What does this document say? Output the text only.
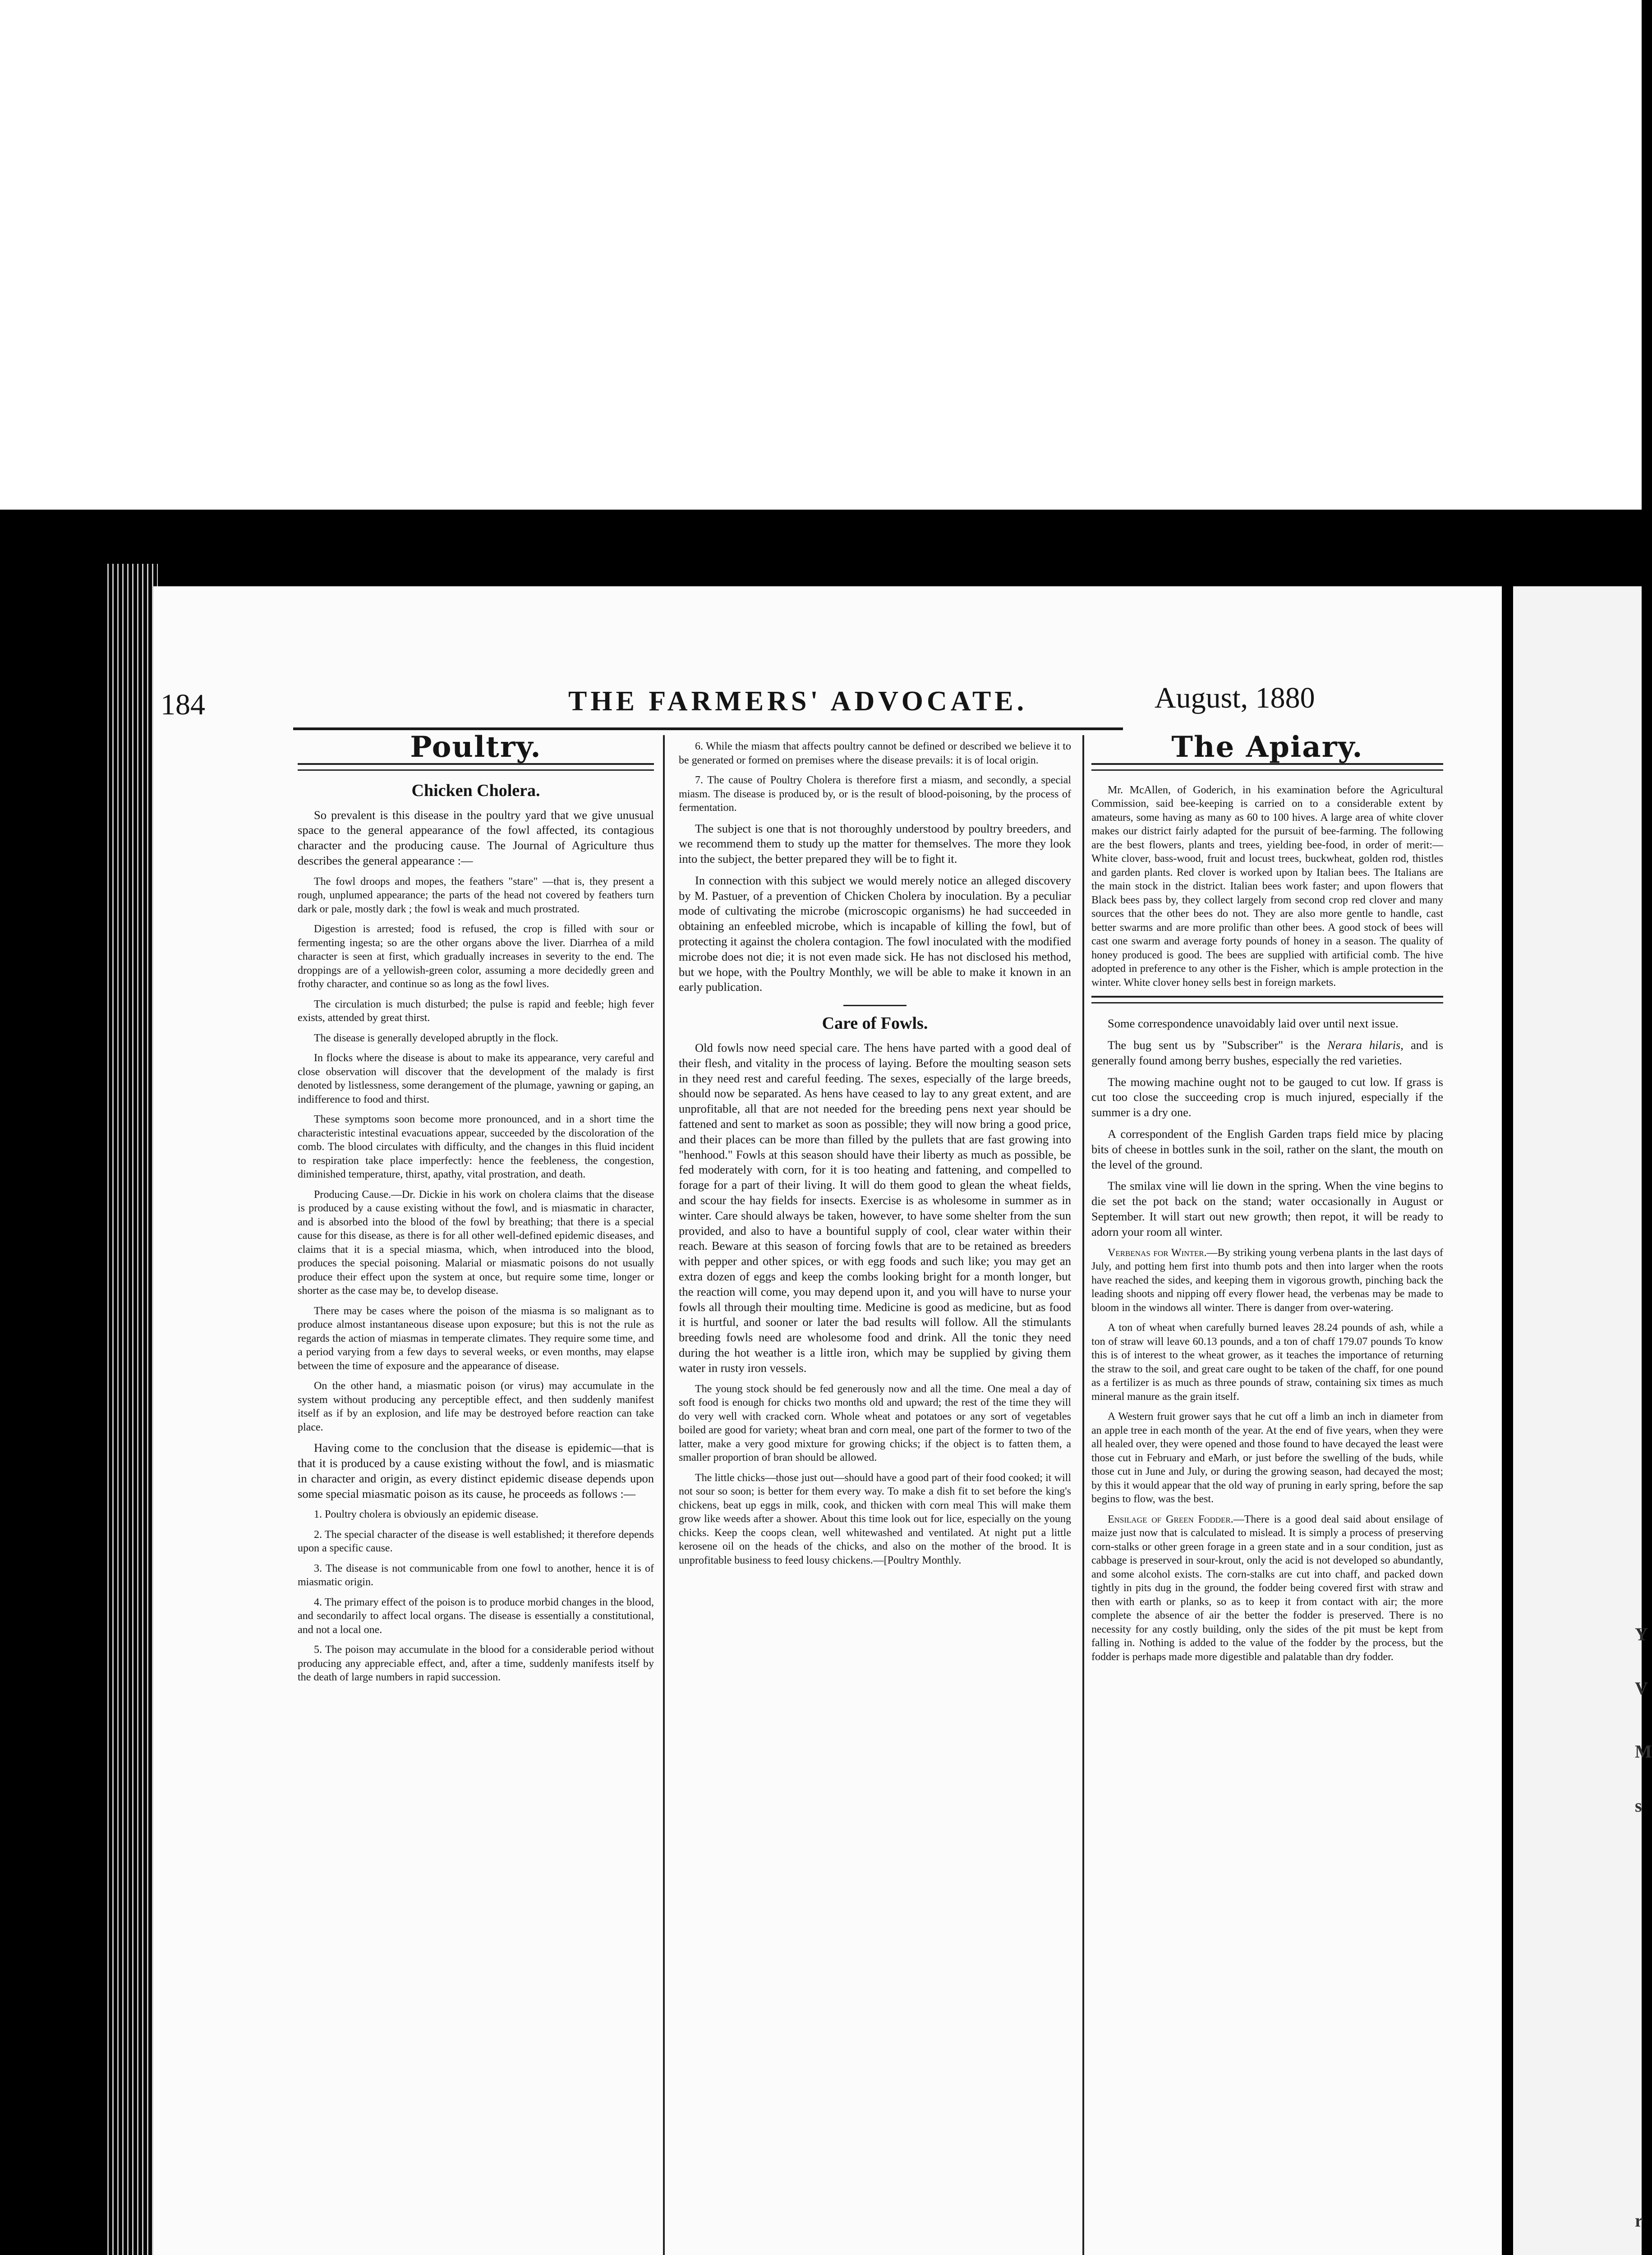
Y
V
M
s
r
184	THE FARMERS' ADVOCATE.	August, 1880
Poultry.
Chicken Cholera.

So prevalent is this disease in the poultry yard that we give unusual space to the general appearance of the fowl affected, its contagious character and the producing cause. The Journal of Agriculture thus describes the general appearance :—

The fowl droops and mopes, the feathers "stare" —that is, they present a rough, unplumed appearance; the parts of the head not covered by feathers turn dark or pale, mostly dark ; the fowl is weak and much prostrated.

Digestion is arrested; food is refused, the crop is filled with sour or fermenting ingesta; so are the other organs above the liver. Diarrhea of a mild character is seen at first, which gradually increases in severity to the end. The droppings are of a yellowish-green color, assuming a more decidedly green and frothy character, and continue so as long as the fowl lives.

The circulation is much disturbed; the pulse is rapid and feeble; high fever exists, attended by great thirst.

The disease is generally developed abruptly in the flock.

In flocks where the disease is about to make its appearance, very careful and close observation will discover that the development of the malady is first denoted by listlessness, some derangement of the plumage, yawning or gaping, an indifference to food and thirst.

These symptoms soon become more pronounced, and in a short time the characteristic intestinal evacuations appear, succeeded by the discoloration of the comb. The blood circulates with difficulty, and the changes in this fluid incident to respiration take place imperfectly: hence the feebleness, the congestion, diminished temperature, thirst, apathy, vital prostration, and death.

Producing Cause.—Dr. Dickie in his work on cholera claims that the disease is produced by a cause existing without the fowl, and is miasmatic in character, and is absorbed into the blood of the fowl by breathing; that there is a special cause for this disease, as there is for all other well-defined epidemic diseases, and claims that it is a special miasma, which, when introduced into the blood, produces the special poisoning. Malarial or miasmatic poisons do not usually produce their effect upon the system at once, but require some time, longer or shorter as the case may be, to develop disease.

There may be cases where the poison of the miasma is so malignant as to produce almost instantaneous disease upon exposure; but this is not the rule as regards the action of miasmas in temperate climates. They require some time, and a period varying from a few days to several weeks, or even months, may elapse between the time of exposure and the appearance of disease.

On the other hand, a miasmatic poison (or virus) may accumulate in the system without producing any perceptible effect, and then suddenly manifest itself as if by an explosion, and life may be destroyed before reaction can take place.

Having come to the conclusion that the disease is epidemic—that is that it is produced by a cause existing without the fowl, and is miasmatic in character and origin, as every distinct epidemic disease depends upon some special miasmatic poison as its cause, he proceeds as follows :—

1. Poultry cholera is obviously an epidemic disease.

2. The special character of the disease is well established; it therefore depends upon a specific cause.

3. The disease is not communicable from one fowl to another, hence it is of miasmatic origin.

4. The primary effect of the poison is to produce morbid changes in the blood, and secondarily to affect local organs. The disease is essentially a constitutional, and not a local one.

5. The poison may accumulate in the blood for a considerable period without producing any appreciable effect, and, after a time, suddenly manifests itself by the death of large numbers in rapid succession.

6. While the miasm that affects poultry cannot be defined or described we believe it to be generated or formed on premises where the disease prevails: it is of local origin.

7. The cause of Poultry Cholera is therefore first a miasm, and secondly, a special miasm. The disease is produced by, or is the result of blood-poisoning, by the process of fermentation.

The subject is one that is not thoroughly understood by poultry breeders, and we recommend them to study up the matter for themselves. The more they look into the subject, the better prepared they will be to fight it.

In connection with this subject we would merely notice an alleged discovery by M. Pastuer, of a prevention of Chicken Cholera by inoculation. By a peculiar mode of cultivating the microbe (microscopic organisms) he had succeeded in obtaining an enfeebled microbe, which is incapable of killing the fowl, but of protecting it against the cholera contagion. The fowl inoculated with the modified microbe does not die; it is not even made sick. He has not disclosed his method, but we hope, with the Poultry Monthly, we will be able to make it known in an early publication.

Care of Fowls.

Old fowls now need special care. The hens have parted with a good deal of their flesh, and vitality in the process of laying. Before the moulting season sets in they need rest and careful feeding. The sexes, especially of the large breeds, should now be separated. As hens have ceased to lay to any great extent, and are unprofitable, all that are not needed for the breeding pens next year should be fattened and sent to market as soon as possible; they will now bring a good price, and their places can be more than filled by the pullets that are fast growing into "henhood." Fowls at this season should have their liberty as much as possible, be fed moderately with corn, for it is too heating and fattening, and compelled to forage for a part of their living. It will do them good to glean the wheat fields, and scour the hay fields for insects. Exercise is as wholesome in summer as in winter. Care should always be taken, however, to have some shelter from the sun provided, and also to have a bountiful supply of cool, clear water within their reach. Beware at this season of forcing fowls that are to be retained as breeders with pepper and other spices, or with egg foods and such like; you may get an extra dozen of eggs and keep the combs looking bright for a month longer, but the reaction will come, you may depend upon it, and you will have to nurse your fowls all through their moulting time. Medicine is good as medicine, but as food it is hurtful, and sooner or later the bad results will follow. All the stimulants breeding fowls need are wholesome food and drink. All the tonic they need during the hot weather is a little iron, which may be supplied by giving them water in rusty iron vessels.

The young stock should be fed generously now and all the time. One meal a day of soft food is enough for chicks two months old and upward; the rest of the time they will do very well with cracked corn. Whole wheat and potatoes or any sort of vegetables boiled are good for variety; wheat bran and corn meal, one part of the former to two of the latter, make a very good mixture for growing chicks; if the object is to fatten them, a smaller proportion of bran should be allowed.

The little chicks—those just out—should have a good part of their food cooked; it will not sour so soon; is better for them every way. To make a dish fit to set before the king's chickens, beat up eggs in milk, cook, and thicken with corn meal This will make them grow like weeds after a shower. About this time look out for lice, especially on the young chicks. Keep the coops clean, well whitewashed and ventilated. At night put a little kerosene oil on the heads of the chicks, and also on the mother of the brood. It is unprofitable business to feed lousy chickens.—[Poultry Monthly.

The Apiary.

Mr. McAllen, of Goderich, in his examination before the Agricultural Commission, said bee-keeping is carried on to a considerable extent by amateurs, some having as many as 60 to 100 hives. A large area of white clover makes our district fairly adapted for the pursuit of bee-farming. The following are the best flowers, plants and trees, yielding bee-food, in order of merit:—White clover, bass-wood, fruit and locust trees, buckwheat, golden rod, thistles and garden plants. Red clover is worked upon by Italian bees. The Italians are the main stock in the district. Italian bees work faster; and upon flowers that Black bees pass by, they collect largely from second crop red clover and many sources that the other bees do not. They are also more gentle to handle, cast better swarms and are more prolific than other bees. A good stock of bees will cast one swarm and average forty pounds of honey in a season. The quality of honey produced is good. The bees are supplied with artificial comb. The hive adopted in preference to any other is the Fisher, which is ample protection in the winter. White clover honey sells best in foreign markets.

Some correspondence unavoidably laid over until next issue.

The bug sent us by "Subscriber" is the Nerara hilaris, and is generally found among berry bushes, especially the red varieties.

The mowing machine ought not to be gauged to cut low. If grass is cut too close the succeeding crop is much injured, especially if the summer is a dry one.

A correspondent of the English Garden traps field mice by placing bits of cheese in bottles sunk in the soil, rather on the slant, the mouth on the level of the ground.

The smilax vine will lie down in the spring. When the vine begins to die set the pot back on the stand; water occasionally in August or September. It will start out new growth; then repot, it will be ready to adorn your room all winter.

Verbenas for Winter.—By striking young verbena plants in the last days of July, and potting hem first into thumb pots and then into larger when the roots have reached the sides, and keeping them in vigorous growth, pinching back the leading shoots and nipping off every flower head, the verbenas may be made to bloom in the windows all winter. There is danger from over-watering.

A ton of wheat when carefully burned leaves 28.24 pounds of ash, while a ton of straw will leave 60.13 pounds, and a ton of chaff 179.07 pounds To know this is of interest to the wheat grower, as it teaches the importance of returning the straw to the soil, and great care ought to be taken of the chaff, for one pound as a fertilizer is as much as three pounds of straw, containing six times as much mineral manure as the grain itself.

A Western fruit grower says that he cut off a limb an inch in diameter from an apple tree in each month of the year. At the end of five years, when they were all healed over, they were opened and those found to have decayed the least were those cut in February and eMarh, or just before the swelling of the buds, while those cut in June and July, or during the growing season, had decayed the most; by this it would appear that the old way of pruning in early spring, before the sap begins to flow, was the best.

Ensilage of Green Fodder.—There is a good deal said about ensilage of maize just now that is calculated to mislead. It is simply a process of preserving corn-stalks or other green forage in a green state and in a sour condition, just as cabbage is preserved in sour-krout, only the acid is not developed so abundantly, and some alcohol exists. The corn-stalks are cut into chaff, and packed down tightly in pits dug in the ground, the fodder being covered first with straw and then with earth or planks, so as to keep it from contact with air; the more complete the absence of air the better the fodder is preserved. There is no necessity for any costly building, only the sides of the pit must be kept from falling in. Nothing is added to the value of the fodder by the process, but the fodder is perhaps made more digestible and palatable than dry fodder.
